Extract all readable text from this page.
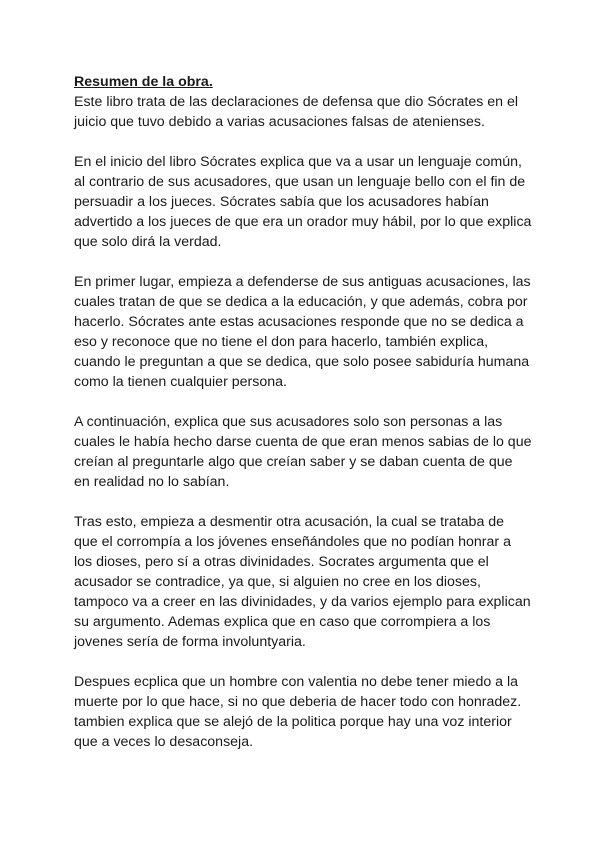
Resumen de la obra.

Este libro trata de las declaraciones de defensa que dio Sócrates en el
juicio que tuvo debido a varias acusaciones falsas de atenienses.
En el inicio del libro Sócrates explica que va a usar un lenguaje común,
al contrario de sus acusadores, que usan un lenguaje bello con el fin de
persuadir a los jueces. Sócrates sabía que los acusadores habían
advertido a los jueces de que era un orador muy hábil, por lo que explica
que solo dirá la verdad.
En primer lugar, empieza a defenderse de sus antiguas acusaciones, las
cuales tratan de que se dedica a la educación, y que además, cobra por
hacerlo. Sócrates ante estas acusaciones responde que no se dedica a
eso y reconoce que no tiene el don para hacerlo, también explica,
cuando le preguntan a que se dedica, que solo posee sabiduría humana
como la tienen cualquier persona.
A continuación, explica que sus acusadores solo son personas a las
cuales le había hecho darse cuenta de que eran menos sabias de lo que
creían al preguntarle algo que creían saber y se daban cuenta de que
en realidad no lo sabían.
Tras esto, empieza a desmentir otra acusación, la cual se trataba de
que el corrompía a los jóvenes enseñándoles que no podían honrar a
los dioses, pero sí a otras divinidades. Socrates argumenta que el
acusador se contradice, ya que, si alguien no cree en los dioses,
tampoco va a creer en las divinidades, y da varios ejemplo para explican
su argumento. Ademas explica que en caso que corrompiera a los
jovenes sería de forma involuntyaria.
Despues ecplica que un hombre con valentia no debe tener miedo a la
muerte por lo que hace, si no que deberia de hacer todo con honradez.
tambien explica que se alejó de la politica porque hay una voz interior
que a veces lo desaconseja.
